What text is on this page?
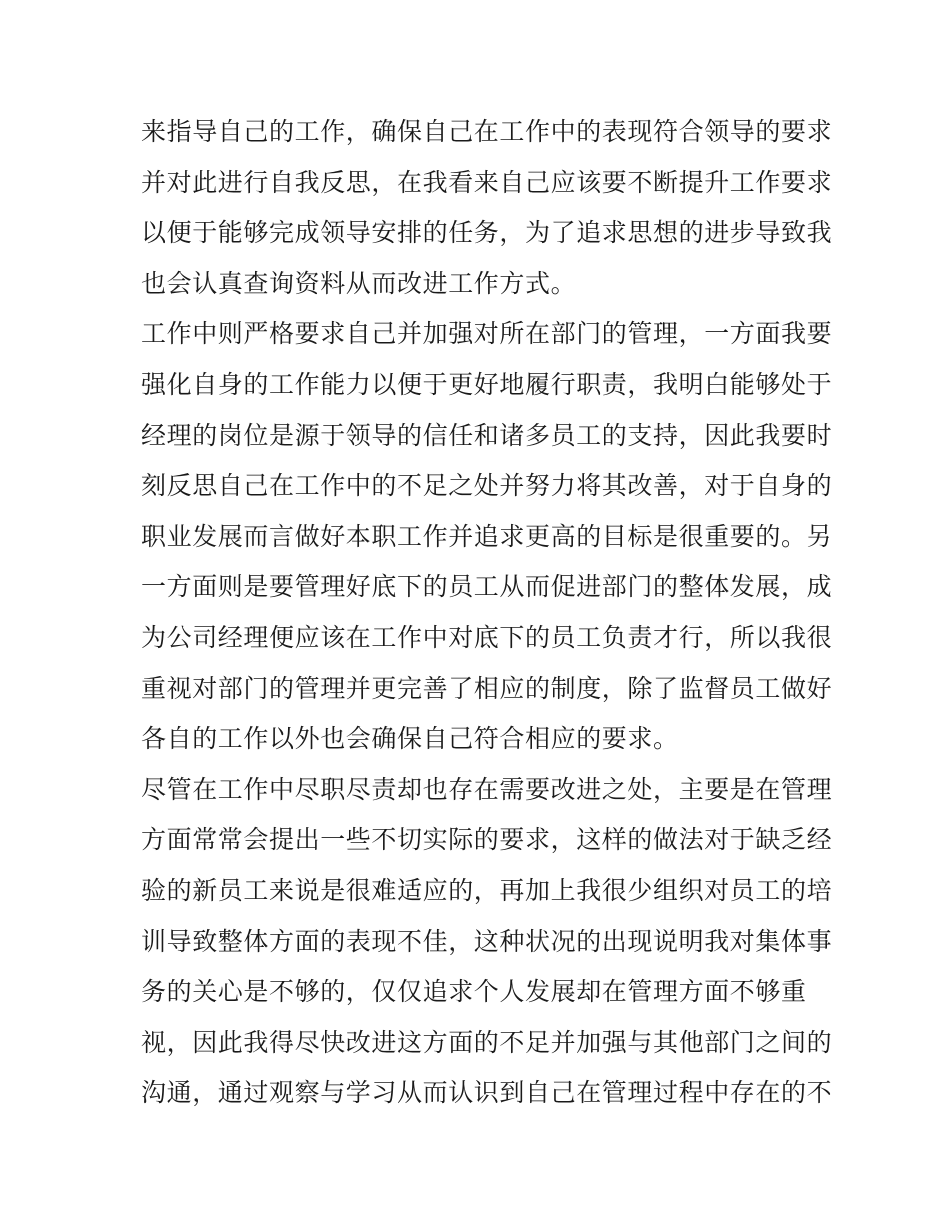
来指导自己的工作，确保自己在工作中的表现符合领导的要求
并对此进行自我反思，在我看来自己应该要不断提升工作要求
以便于能够完成领导安排的任务，为了追求思想的进步导致我
也会认真查询资料从而改进工作方式。
工作中则严格要求自己并加强对所在部门的管理，一方面我要
强化自身的工作能力以便于更好地履行职责，我明白能够处于
经理的岗位是源于领导的信任和诸多员工的支持，因此我要时
刻反思自己在工作中的不足之处并努力将其改善，对于自身的
职业发展而言做好本职工作并追求更高的目标是很重要的。另
一方面则是要管理好底下的员工从而促进部门的整体发展，成
为公司经理便应该在工作中对底下的员工负责才行，所以我很
重视对部门的管理并更完善了相应的制度，除了监督员工做好
各自的工作以外也会确保自己符合相应的要求。
尽管在工作中尽职尽责却也存在需要改进之处，主要是在管理
方面常常会提出一些不切实际的要求，这样的做法对于缺乏经
验的新员工来说是很难适应的，再加上我很少组织对员工的培
训导致整体方面的表现不佳，这种状况的出现说明我对集体事
务的关心是不够的，仅仅追求个人发展却在管理方面不够重
视，因此我得尽快改进这方面的不足并加强与其他部门之间的
沟通，通过观察与学习从而认识到自己在管理过程中存在的不
